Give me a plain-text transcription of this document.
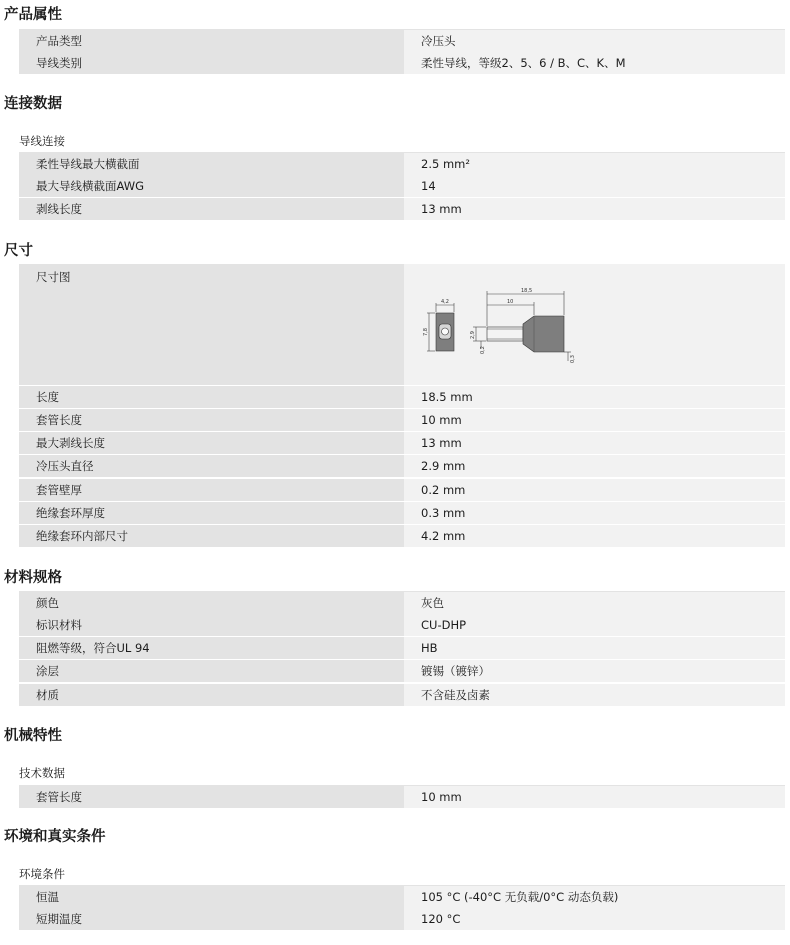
产品属性
产品类型	冷压头
导线类别	柔性导线，等级2、5、6 / B、C、K、M
连接数据
导线连接
柔性导线最大横截面	2.5 mm²
最大导线横截面AWG	14
剥线长度	13 mm
尺寸
尺寸图
4,2
7,8
18,5
10
2,9
0,2
0,3
长度	18.5 mm
套管长度	10 mm
最大剥线长度	13 mm
冷压头直径	2.9 mm
套管壁厚	0.2 mm
绝缘套环厚度	0.3 mm
绝缘套环内部尺寸	4.2 mm
材料规格
颜色	灰色
标识材料	CU-DHP
阻燃等级，符合UL 94	HB
涂层	镀锡（镀锌）
材质	不含硅及卤素
机械特性
技术数据
套管长度	10 mm
环境和真实条件
环境条件
恒温	105 °C (-40°C 无负载/0°C 动态负载)
短期温度	120 °C
